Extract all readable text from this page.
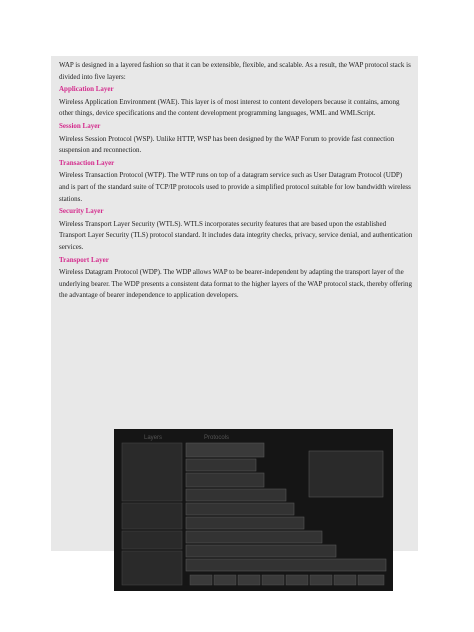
WAP is designed in a layered fashion so that it can be extensible, flexible, and scalable. As a result, the WAP protocol stack is divided into five layers:

Application Layer

Wireless Application Environment (WAE). This layer is of most interest to content developers because it contains, among other things, device specifications and the content development programming languages, WML and WMLScript.

Session Layer

Wireless Session Protocol (WSP). Unlike HTTP, WSP has been designed by the WAP Forum to provide fast connection suspension and reconnection.

Transaction Layer

Wireless Transaction Protocol (WTP). The WTP runs on top of a datagram service such as User Datagram Protocol (UDP) and is part of the standard suite of TCP/IP protocols used to provide a simplified protocol suitable for low bandwidth wireless stations.

Security Layer

Wireless Transport Layer Security (WTLS). WTLS incorporates security features that are based upon the established Transport Layer Security (TLS) protocol standard. It includes data integrity checks, privacy, service denial, and authentication services.

Transport Layer

Wireless Datagram Protocol (WDP). The WDP allows WAP to be bearer-independent by adapting the transport layer of the underlying bearer. The WDP presents a consistent data format to the higher layers of the WAP protocol stack, thereby offering the advantage of bearer independence to application developers.

Layers	Protocols
